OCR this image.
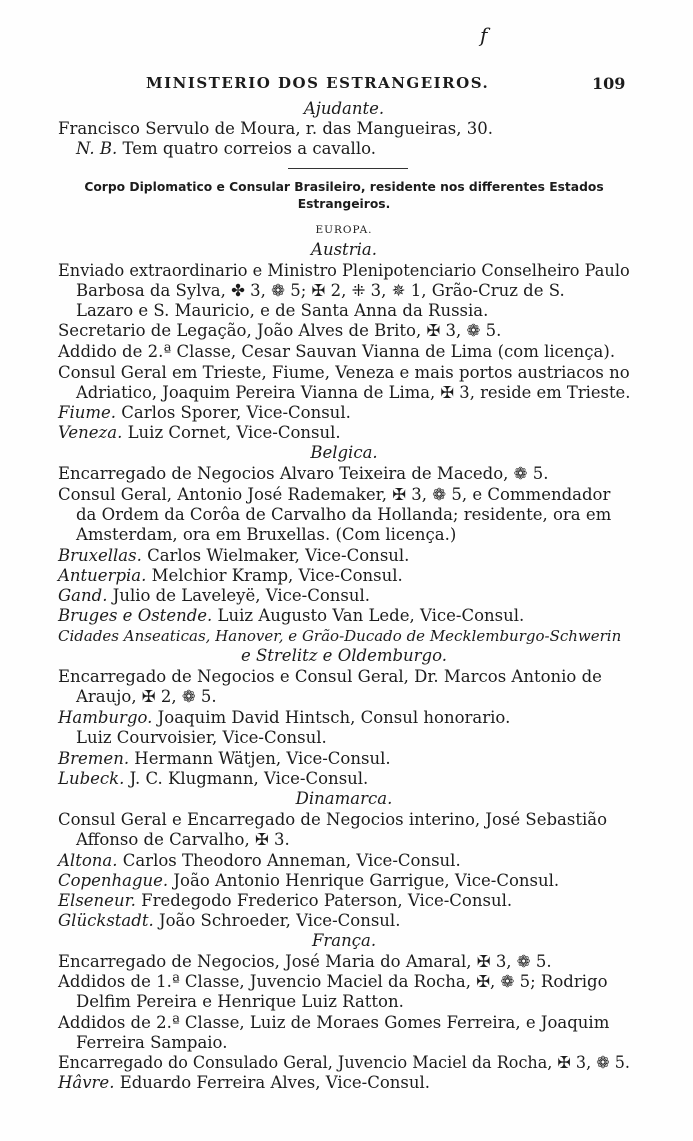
f
MINISTERIO DOS ESTRANGEIROS.	109
Ajudante.
Francisco Servulo de Moura, r. das Mangueiras, 30.
N. B. Tem quatro correios a cavallo.
Corpo Diplomatico e Consular Brasileiro, residente nos differentes Estados
Estrangeiros.
EUROPA.
Austria.
Enviado extraordinario e Ministro Plenipotenciario Conselheiro Paulo
Barbosa da Sylva, ✤ 3, ❁ 5; ✠ 2, ⁜ 3, ✵ 1, Grão-Cruz de S.
Lazaro e S. Mauricio, e de Santa Anna da Russia.
Secretario de Legação, João Alves de Brito, ✠ 3, ❁ 5.
Addido de 2.ª Classe, Cesar Sauvan Vianna de Lima (com licença).
Consul Geral em Trieste, Fiume, Veneza e mais portos austriacos no
Adriatico, Joaquim Pereira Vianna de Lima, ✠ 3, reside em Trieste.
Fiume. Carlos Sporer, Vice-Consul.
Veneza. Luiz Cornet, Vice-Consul.
Belgica.
Encarregado de Negocios Alvaro Teixeira de Macedo, ❁ 5.
Consul Geral, Antonio José Rademaker, ✠ 3, ❁ 5, e Commendador
da Ordem da Corôa de Carvalho da Hollanda; residente, ora em
Amsterdam, ora em Bruxellas. (Com licença.)
Bruxellas. Carlos Wielmaker, Vice-Consul.
Antuerpia. Melchior Kramp, Vice-Consul.
Gand. Julio de Laveleyë, Vice-Consul.
Bruges e Ostende. Luiz Augusto Van Lede, Vice-Consul.
Cidades Anseaticas, Hanover, e Grão-Ducado de Mecklemburgo-Schwerin
e Strelitz e Oldemburgo.
Encarregado de Negocios e Consul Geral, Dr. Marcos Antonio de
Araujo, ✠ 2, ❁ 5.
Hamburgo. Joaquim David Hintsch, Consul honorario.
Luiz Courvoisier, Vice-Consul.
Bremen. Hermann Wätjen, Vice-Consul.
Lubeck. J. C. Klugmann, Vice-Consul.
Dinamarca.
Consul Geral e Encarregado de Negocios interino, José Sebastião
Affonso de Carvalho, ✠ 3.
Altona. Carlos Theodoro Anneman, Vice-Consul.
Copenhague. João Antonio Henrique Garrigue, Vice-Consul.
Elseneur. Fredegodo Frederico Paterson, Vice-Consul.
Glückstadt. João Schroeder, Vice-Consul.
França.
Encarregado de Negocios, José Maria do Amaral, ✠ 3, ❁ 5.
Addidos de 1.ª Classe, Juvencio Maciel da Rocha, ✠, ❁ 5; Rodrigo
Delfim Pereira e Henrique Luiz Ratton.
Addidos de 2.ª Classe, Luiz de Moraes Gomes Ferreira, e Joaquim
Ferreira Sampaio.
Encarregado do Consulado Geral, Juvencio Maciel da Rocha, ✠ 3, ❁ 5.
Hâvre. Eduardo Ferreira Alves, Vice-Consul.
